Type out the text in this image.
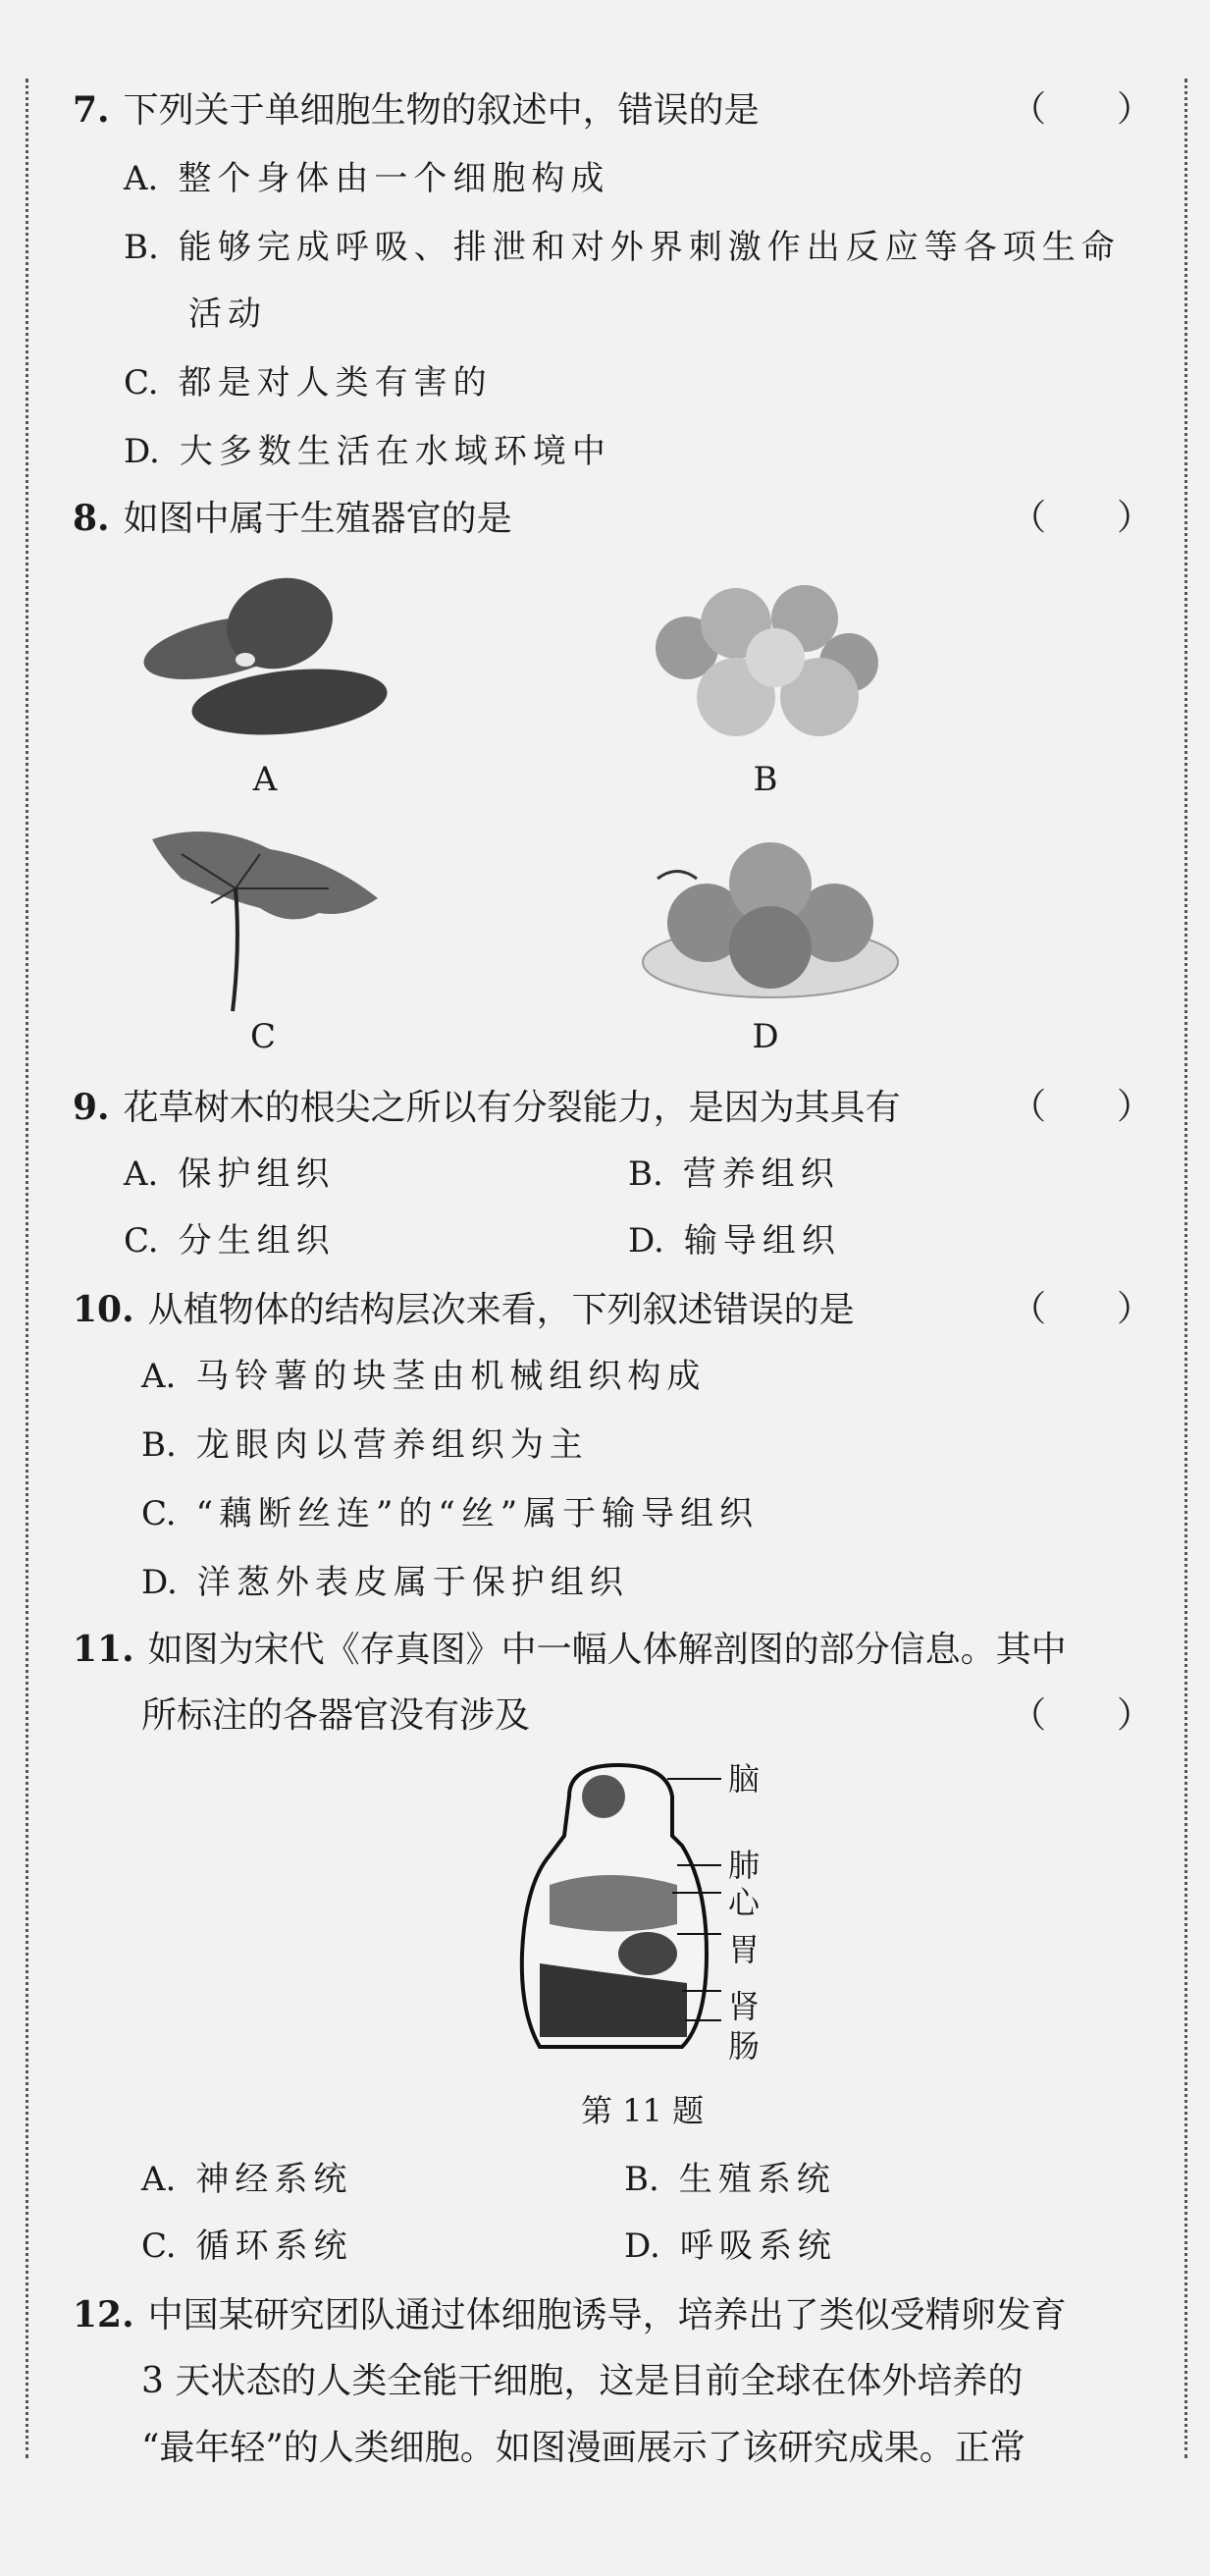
7. 下列关于单细胞生物的叙述中，错误的是	（　　）
A. 整个身体由一个细胞构成
B. 能够完成呼吸、排泄和对外界刺激作出反应等各项生命
活动
C. 都是对人类有害的
D. 大多数生活在水域环境中
8. 如图中属于生殖器官的是	（　　）
A	B
C	D
9. 花草树木的根尖之所以有分裂能力，是因为其具有	（　　）
A. 保护组织	B. 营养组织
C. 分生组织	D. 输导组织
10. 从植物体的结构层次来看，下列叙述错误的是	（　　）
A. 马铃薯的块茎由机械组织构成
B. 龙眼肉以营养组织为主
C. “藕断丝连”的“丝”属于输导组织
D. 洋葱外表皮属于保护组织
11. 如图为宋代《存真图》中一幅人体解剖图的部分信息。其中
所标注的各器官没有涉及	（　　）
脑
肺
心
胃
肾
肠
第 11 题
A. 神经系统	B. 生殖系统
C. 循环系统	D. 呼吸系统
12. 中国某研究团队通过体细胞诱导，培养出了类似受精卵发育
3 天状态的人类全能干细胞，这是目前全球在体外培养的
“最年轻”的人类细胞。如图漫画展示了该研究成果。正常
